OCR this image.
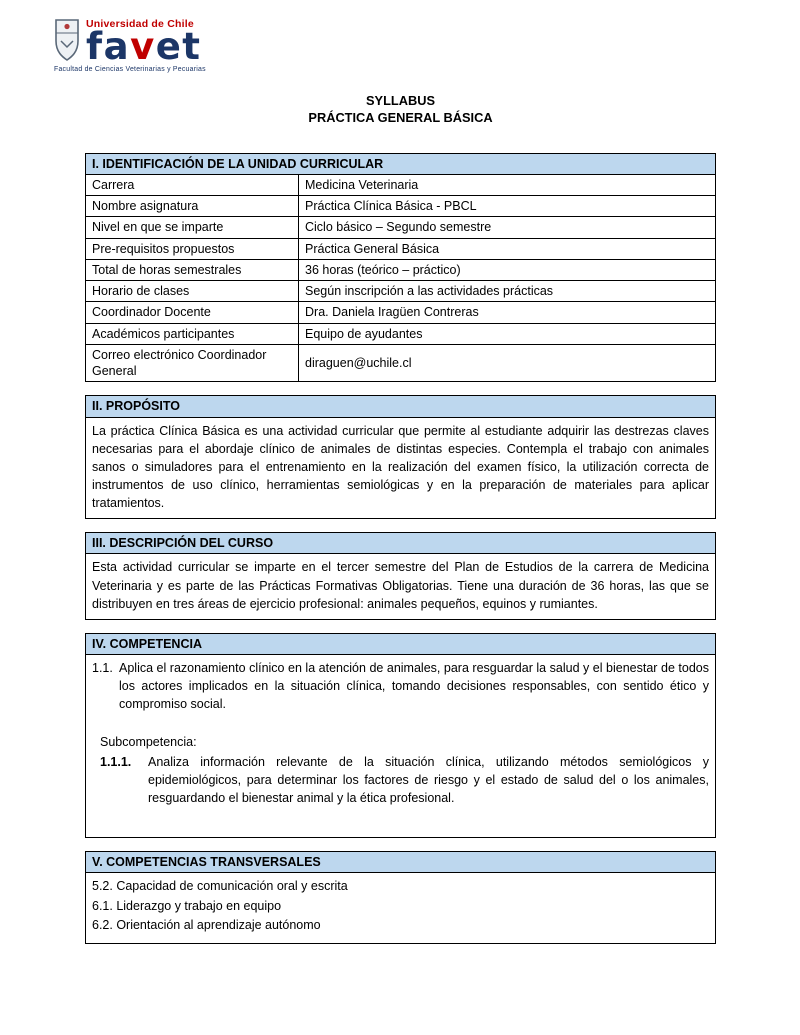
Universidad de Chile
favet
Facultad de Ciencias Veterinarias y Pecuarias
SYLLABUS
PRÁCTICA GENERAL BÁSICA
I. IDENTIFICACIÓN DE LA UNIDAD CURRICULAR	
Carrera	Medicina Veterinaria
Nombre asignatura	Práctica Clínica Básica - PBCL
Nivel en que se imparte	Ciclo básico – Segundo semestre
Pre-requisitos propuestos	Práctica General Básica
Total de horas semestrales	36 horas (teórico – práctico)
Horario de clases	Según inscripción a las actividades prácticas
Coordinador Docente	Dra. Daniela Iragüen Contreras
Académicos participantes	Equipo de ayudantes
Correo electrónico Coordinador General	diraguen@uchile.cl
II. PROPÓSITO
La práctica Clínica Básica es una actividad curricular que permite al estudiante adquirir las destrezas claves necesarias para el abordaje clínico de animales de distintas especies. Contempla el trabajo con animales sanos o simuladores para el entrenamiento en la realización del examen físico, la utilización correcta de instrumentos de uso clínico, herramientas semiológicas y en la preparación de materiales para aplicar tratamientos.
III. DESCRIPCIÓN DEL CURSO
Esta actividad curricular se imparte en el tercer semestre del Plan de Estudios de la carrera de Medicina Veterinaria y es parte de las Prácticas Formativas Obligatorias. Tiene una duración de 36 horas, las que se distribuyen en tres áreas de ejercicio profesional: animales pequeños, equinos y rumiantes.
IV. COMPETENCIA
1.1. Aplica el razonamiento clínico en la atención de animales, para resguardar la salud y el bienestar de todos los actores implicados en la situación clínica, tomando decisiones responsables, con sentido ético y compromiso social.
Subcompetencia:
1.1.1.	Analiza información relevante de la situación clínica, utilizando métodos semiológicos y epidemiológicos, para determinar los factores de riesgo y el estado de salud del o los animales, resguardando el bienestar animal y la ética profesional.
V. COMPETENCIAS TRANSVERSALES
5.2. Capacidad de comunicación oral y escrita
6.1. Liderazgo y trabajo en equipo
6.2. Orientación al aprendizaje autónomo
